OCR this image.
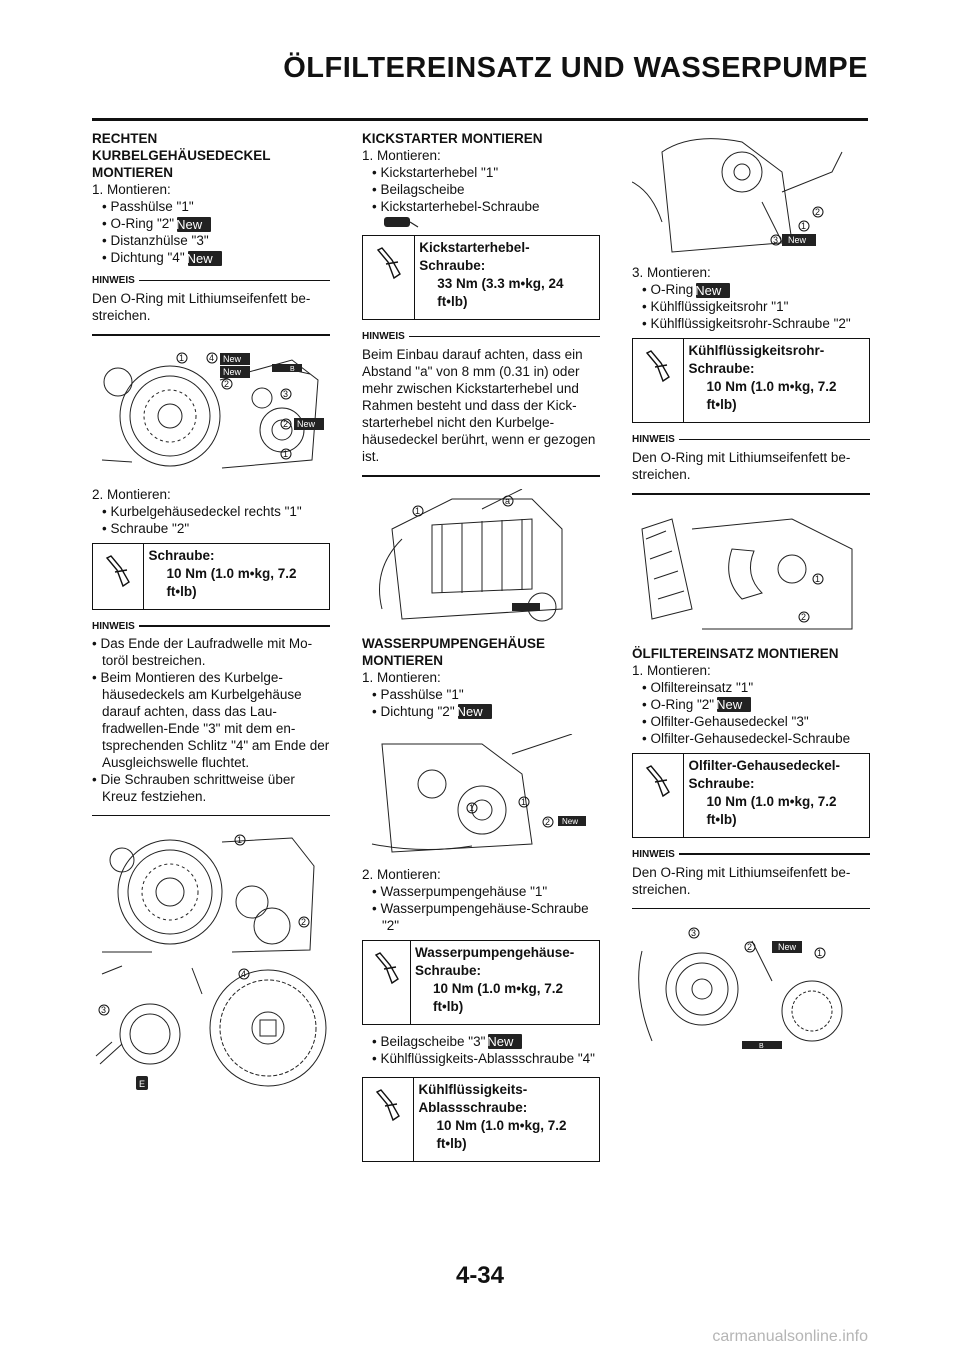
ÖLFILTEREINSATZ UND WASSERPUMPE
RECHTEN KURBELGEHÄUSEDECKEL MONTIEREN
1. Montieren:
• Passhülse "1"
• O-Ring "2" New
• Distanzhülse "3"
• Dichtung "4" New
HINWEIS
Den O-Ring mit Lithiumseifenfett be-streichen.
New
New
New
1	4
2
3
2
1
B
2. Montieren:
• Kurbelgehäusedeckel rechts "1"
• Schraube "2"
Schraube:
10 Nm (1.0 m•kg, 7.2 ft•lb)
HINWEIS
• Das Ende der Laufradwelle mit Mo-toröl bestreichen.
• Beim Montieren des Kurbelge-häusedeckels am Kurbelgehäuse darauf achten, dass das Lau-fradwellen-Ende "3" mit dem en-tsprechenden Schlitz "4" am Ende der Ausgleichswelle fluchtet.
• Die Schrauben schrittweise über Kreuz festziehen.
1
2
3
4
E
KICKSTARTER MONTIEREN
1. Montieren:
• Kickstarterhebel "1"
• Beilagscheibe
• Kickstarterhebel-Schraube
Kickstarterhebel-Schraube:
33 Nm (3.3 m•kg, 24 ft•lb)
HINWEIS
Beim Einbau darauf achten, dass ein Abstand "a" von 8 mm (0.31 in) oder mehr zwischen Kickstarterhebel und Rahmen besteht und dass der Kick-starterhebel nicht den Kurbelge-häusedeckel berührt, wenn er gezogen ist.
1
a
WASSERPUMPENGEHÄUSE MONTIEREN
1. Montieren:
• Passhülse "1"
• Dichtung "2" New
New
1
1
2
2. Montieren:
• Wasserpumpengehäuse "1"
• Wasserpumpengehäuse-Schraube "2"
Wasserpumpengehäuse-Schraube:
10 Nm (1.0 m•kg, 7.2 ft•lb)
• Beilagscheibe "3" New
• Kühlflüssigkeits-Ablassschraube "4"
Kühlflüssigkeits-Ablassschraube:
10 Nm (1.0 m•kg, 7.2 ft•lb)
New
2
1
3
3. Montieren:
• O-Ring New
• Kühlflüssigkeitsrohr "1"
• Kühlflüssigkeitsrohr-Schraube "2"
Kühlflüssigkeitsrohr-Schraube:
10 Nm (1.0 m•kg, 7.2 ft•lb)
HINWEIS
Den O-Ring mit Lithiumseifenfett be-streichen.
1
2
ÖLFILTEREINSATZ MONTIEREN
1. Montieren:
• Olfiltereinsatz "1"
• O-Ring "2" New
• Olfilter-Gehausedeckel "3"
• Olfilter-Gehausedeckel-Schraube
Olfilter-Gehausedeckel-Schraube:
10 Nm (1.0 m•kg, 7.2 ft•lb)
HINWEIS
Den O-Ring mit Lithiumseifenfett be-streichen.
New
3
2
1
B
4-34
carmanualsonline.info
